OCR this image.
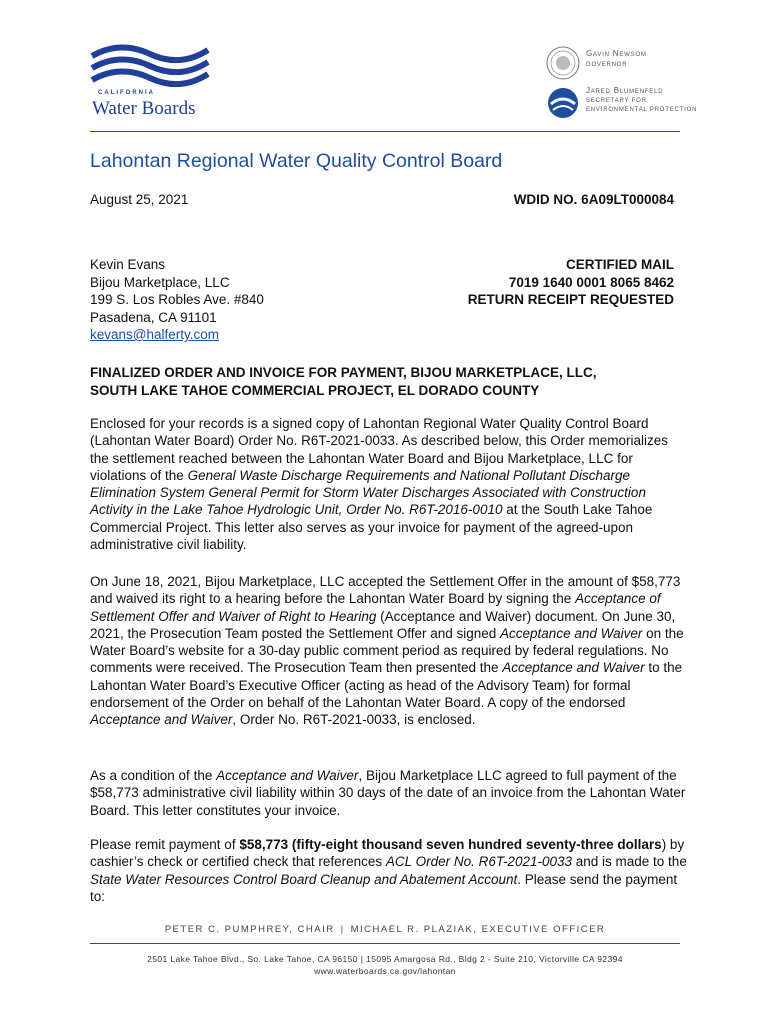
CALIFORNIA
Water Boards
Gavin Newsom
GOVERNOR
Jared Blumenfeld
SECRETARY FOR
ENVIRONMENTAL PROTECTION
Lahontan Regional Water Quality Control Board
August 25, 2021	WDID NO. 6A09LT000084
Kevin Evans
Bijou Marketplace, LLC
199 S. Los Robles Ave. #840
Pasadena, CA 91101
kevans@halferty.com
CERTIFIED MAIL
7019 1640 0001 8065 8462
RETURN RECEIPT REQUESTED
FINALIZED ORDER AND INVOICE FOR PAYMENT, BIJOU MARKETPLACE, LLC,
SOUTH LAKE TAHOE COMMERCIAL PROJECT, EL DORADO COUNTY
Enclosed for your records is a signed copy of Lahontan Regional Water Quality Control Board (Lahontan Water Board) Order No. R6T-2021-0033. As described below, this Order memorializes the settlement reached between the Lahontan Water Board and Bijou Marketplace, LLC for violations of the General Waste Discharge Requirements and National Pollutant Discharge Elimination System General Permit for Storm Water Discharges Associated with Construction Activity in the Lake Tahoe Hydrologic Unit, Order No. R6T-2016-0010 at the South Lake Tahoe Commercial Project. This letter also serves as your invoice for payment of the agreed-upon administrative civil liability.
On June 18, 2021, Bijou Marketplace, LLC accepted the Settlement Offer in the amount of $58,773 and waived its right to a hearing before the Lahontan Water Board by signing the Acceptance of Settlement Offer and Waiver of Right to Hearing (Acceptance and Waiver) document. On June 30, 2021, the Prosecution Team posted the Settlement Offer and signed Acceptance and Waiver on the Water Board’s website for a 30-day public comment period as required by federal regulations. No comments were received. The Prosecution Team then presented the Acceptance and Waiver to the Lahontan Water Board’s Executive Officer (acting as head of the Advisory Team) for formal endorsement of the Order on behalf of the Lahontan Water Board. A copy of the endorsed Acceptance and Waiver, Order No. R6T-2021-0033, is enclosed.
As a condition of the Acceptance and Waiver, Bijou Marketplace LLC agreed to full payment of the $58,773 administrative civil liability within 30 days of the date of an invoice from the Lahontan Water Board. This letter constitutes your invoice.
Please remit payment of $58,773 (fifty-eight thousand seven hundred seventy-three dollars) by cashier’s check or certified check that references ACL Order No. R6T-2021-0033 and is made to the State Water Resources Control Board Cleanup and Abatement Account. Please send the payment to:
PETER C. PUMPHREY, CHAIR | MICHAEL R. PLAZIAK, EXECUTIVE OFFICER
2501 Lake Tahoe Blvd., So. Lake Tahoe, CA 96150 | 15095 Amargosa Rd., Bldg 2 - Suite 210, Victorville CA 92394
www.waterboards.ca.gov/lahontan
